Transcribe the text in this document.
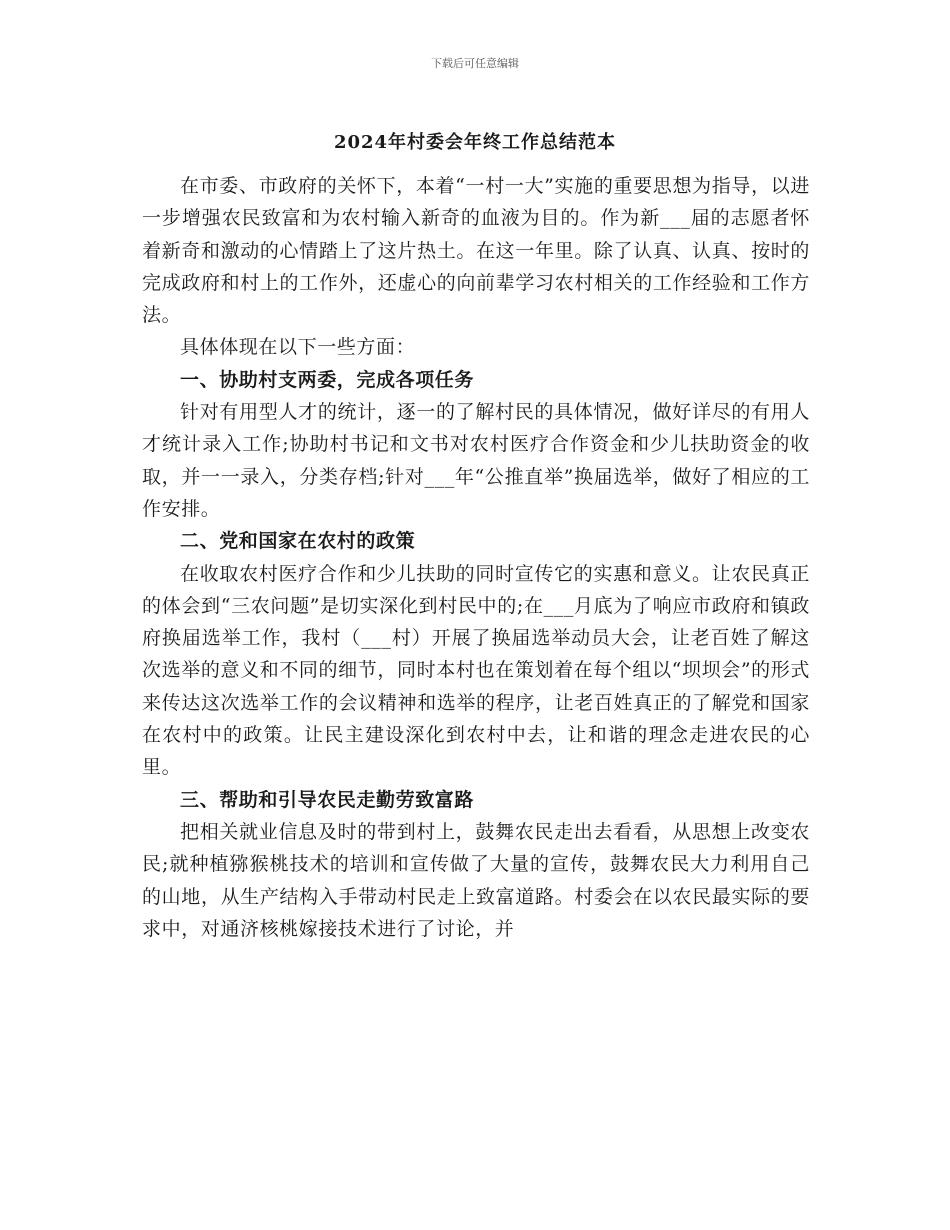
下载后可任意编辑
2024年村委会年终工作总结范本

在市委、市政府的关怀下，本着“一村一大”实施的重要思想为指导，以进一步增强农民致富和为农村输入新奇的血液为目的。作为新___届的志愿者怀着新奇和激动的心情踏上了这片热土。在这一年里。除了认真、认真、按时的完成政府和村上的工作外，还虚心的向前辈学习农村相关的工作经验和工作方法。

具体体现在以下一些方面：

一、协助村支两委，完成各项任务

针对有用型人才的统计，逐一的了解村民的具体情况，做好详尽的有用人才统计录入工作;协助村书记和文书对农村医疗合作资金和少儿扶助资金的收取，并一一录入，分类存档;针对___年“公推直举”换届选举，做好了相应的工作安排。

二、党和国家在农村的政策

在收取农村医疗合作和少儿扶助的同时宣传它的实惠和意义。让农民真正的体会到“三农问题”是切实深化到村民中的;在___月底为了响应市政府和镇政府换届选举工作，我村（___村）开展了换届选举动员大会，让老百姓了解这次选举的意义和不同的细节，同时本村也在策划着在每个组以“坝坝会”的形式来传达这次选举工作的会议精神和选举的程序，让老百姓真正的了解党和国家在农村中的政策。让民主建设深化到农村中去，让和谐的理念走进农民的心里。

三、帮助和引导农民走勤劳致富路

把相关就业信息及时的带到村上，鼓舞农民走出去看看，从思想上改变农民;就种植猕猴桃技术的培训和宣传做了大量的宣传，鼓舞农民大力利用自己的山地，从生产结构入手带动村民走上致富道路。村委会在以农民最实际的要求中，对通济核桃嫁接技术进行了讨论，并
